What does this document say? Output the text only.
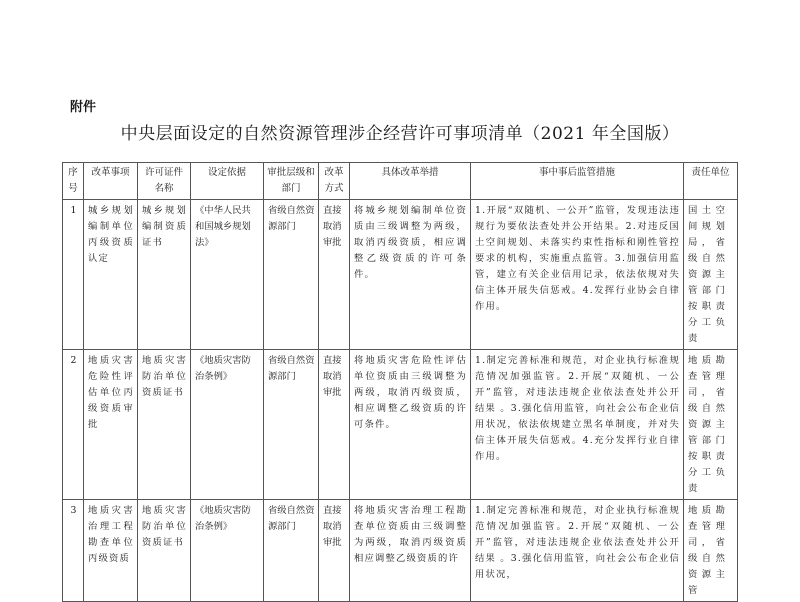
附件
中央层面设定的自然资源管理涉企经营许可事项清单（2021 年全国版）
序号	改革事项	许可证件名称	设定依据	审批层级和部门	改革方式	具体改革举措	事中事后监管措施	责任单位
1	城乡规划编制单位丙级资质认定	城乡规划编制资质证书	《中华人民共和国城乡规划法》	省级自然资源部门	直接取消审批	将城乡规划编制单位资质由三级调整为两级，取消丙级资质，相应调整乙级资质的许可条件。	1.开展“双随机、一公开”监管，发现违法违规行为要依法查处并公开结果。2.对违反国土空间规划、未落实约束性指标和刚性管控要求的机构，实施重点监管。3.加强信用监管，建立有关企业信用记录，依法依规对失信主体开展失信惩戒。4.发挥行业协会自律作用。	国土空间规划局，省级自然资源主管部门按职责分工负责
2	地质灾害危险性评估单位丙级资质审批	地质灾害防治单位资质证书	《地质灾害防治条例》	省级自然资源部门	直接取消审批	将地质灾害危险性评估单位资质由三级调整为两级，取消丙级资质，相应调整乙级资质的许可条件。	1.制定完善标准和规范，对企业执行标准规范情况加强监管。2.开展“双随机、一公开”监管，对违法违规企业依法查处并公开结果 。3.强化信用监管，向社会公布企业信用状况，依法依规建立黑名单制度，并对失信主体开展失信惩戒。4.充分发挥行业自律作用。	地质勘查管理司，省级自然资源主管部门按职责分工负责
3	地质灾害治理工程勘查单位丙级资质	地质灾害防治单位资质证书	《地质灾害防治条例》	省级自然资源部门	直接取消审批	将地质灾害治理工程勘查单位资质由三级调整为两级，取消丙级资质相应调整乙级资质的许	1.制定完善标准和规范，对企业执行标准规范情况加强监管。2.开展“双随机、一公开”监管，对违法违规企业依法查处并公开结果 。3.强化信用监管，向社会公布企业信用状况，	地质勘查管理司，省级自然资源主管
